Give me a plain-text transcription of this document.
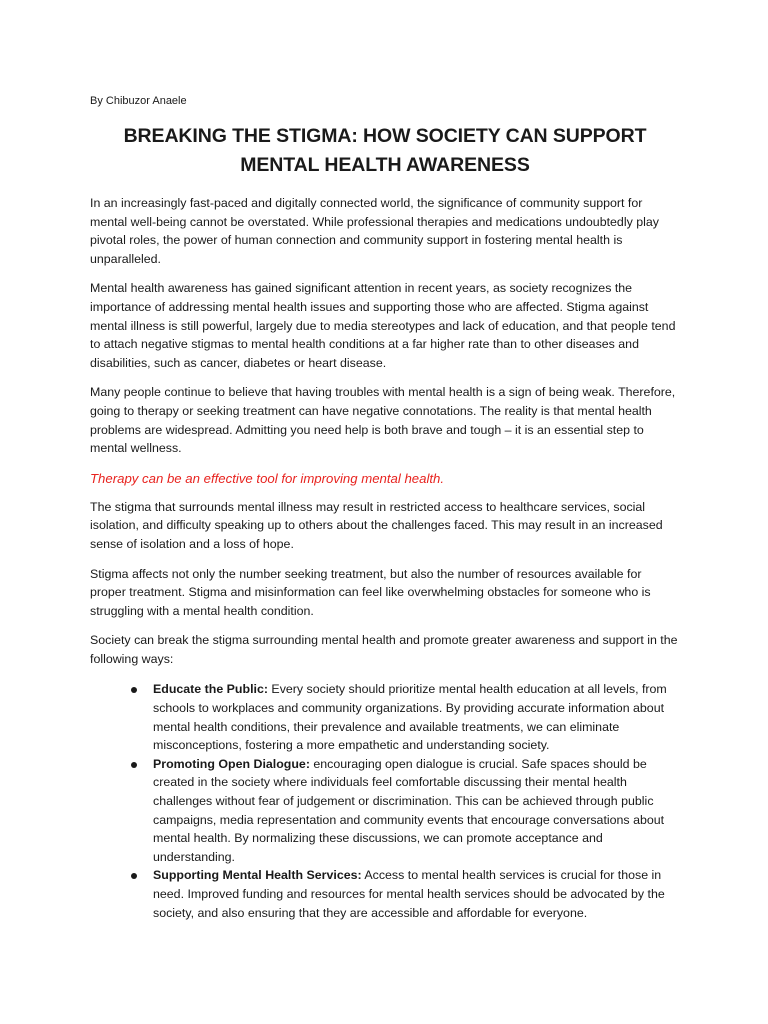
By Chibuzor Anaele

BREAKING THE STIGMA: HOW SOCIETY CAN SUPPORT MENTAL HEALTH AWARENESS

In an increasingly fast-paced and digitally connected world, the significance of community support for mental well-being cannot be overstated. While professional therapies and medications undoubtedly play pivotal roles, the power of human connection and community support in fostering mental health is unparalleled.

Mental health awareness has gained significant attention in recent years, as society recognizes the importance of addressing mental health issues and supporting those who are affected. Stigma against mental illness is still powerful, largely due to media stereotypes and lack of education, and that people tend to attach negative stigmas to mental health conditions at a far higher rate than to other diseases and disabilities, such as cancer, diabetes or heart disease.

Many people continue to believe that having troubles with mental health is a sign of being weak. Therefore, going to therapy or seeking treatment can have negative connotations. The reality is that mental health problems are widespread. Admitting you need help is both brave and tough – it is an essential step to mental wellness.

Therapy can be an effective tool for improving mental health.

The stigma that surrounds mental illness may result in restricted access to healthcare services, social isolation, and difficulty speaking up to others about the challenges faced. This may result in an increased sense of isolation and a loss of hope.

Stigma affects not only the number seeking treatment, but also the number of resources available for proper treatment. Stigma and misinformation can feel like overwhelming obstacles for someone who is struggling with a mental health condition.

Society can break the stigma surrounding mental health and promote greater awareness and support in the following ways:

Educate the Public: Every society should prioritize mental health education at all levels, from schools to workplaces and community organizations. By providing accurate information about mental health conditions, their prevalence and available treatments, we can eliminate misconceptions, fostering a more empathetic and understanding society.
Promoting Open Dialogue: encouraging open dialogue is crucial. Safe spaces should be created in the society where individuals feel comfortable discussing their mental health challenges without fear of judgement or discrimination. This can be achieved through public campaigns, media representation and community events that encourage conversations about mental health. By normalizing these discussions, we can promote acceptance and understanding.
Supporting Mental Health Services: Access to mental health services is crucial for those in need. Improved funding and resources for mental health services should be advocated by the society, and also ensuring that they are accessible and affordable for everyone.
